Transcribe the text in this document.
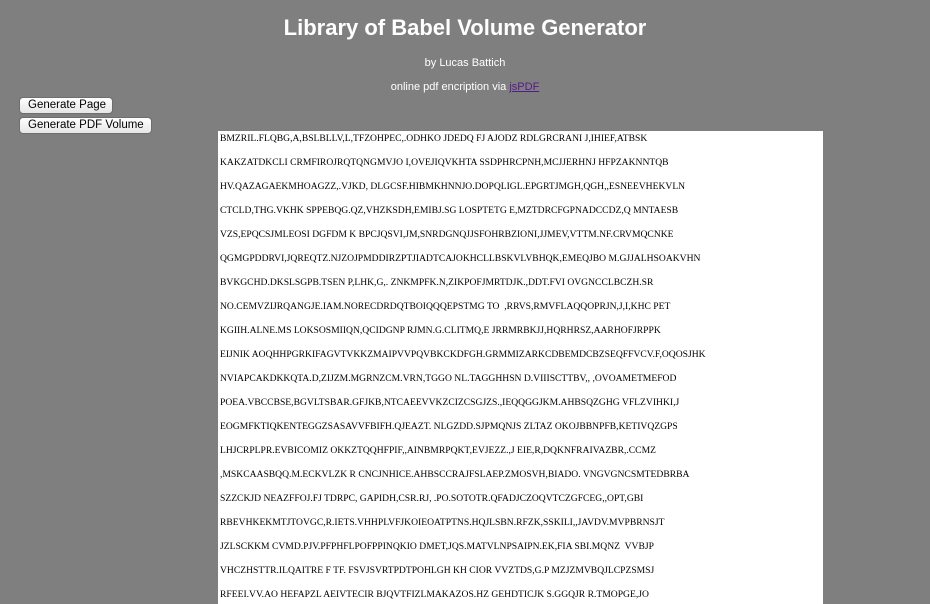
Library of Babel Volume Generator
by Lucas Battich
online pdf encription via jsPDF
Generate Page
Generate PDF Volume
BMZRIL.FLQBG,A,BSLBLLV,L,TFZOHPEC,.ODHKO JDEDQ FJ AJODZ RDLGRCRANI J,IHIEF,ATBSK
KAKZATDKCLI CRMFIROJRQTQNGMVJO I,OVEJIQVKHTA SSDPHRCPNH,MCJJERHNJ HFPZAKNNTQB
HV.QAZAGAEKMHOAGZZ,.VJKD, DLGCSF.HIBMKHNNJO.DOPQLIGL.EPGRTJMGH,QGH,,ESNEEVHEKVLN
CTCLD,THG.VKHK SPPEBQG.QZ,VHZKSDH,EMIBJ.SG LOSPTETG E,MZTDRCFGPNADCCDZ,Q MNTAESB
VZS,EPQCSJMLEOSI DGFDM K BPCJQSVI,JM,SNRDGNQJJSFOHRBZIONI,JJMEV,VTTM.NF.CRVMQCNKE
QGMGPDDRVI,JQREQTZ.NJZOJPMDDIRZPTJIADTCAJOKHCLLBSKVLVBHQK,EMEQJBO M.GJJALHSOAKVHN
BVKGCHD.DKSLSGPB.TSEN P,LHK,G,. ZNKMPFK.N,ZIKPOFJMRTDJK.,DDT.FVI OVGNCCLBCZH.SR
NO.CEMVZIJRQANGJE.IAM.NORECDRDQTBOIQQQEPSTMG TO  ,RRVS,RMVFLAQQOPRJN,J,I,KHC PET
KGIIH.ALNE.MS LOKSOSMIIQN,QCIDGNP RJMN.G.CLITMQ,E JRRMRBKJJ,HQRHRSZ,AARHOFJRPPK
EIJNIK AOQHHPGRKIFAGVTVKKZMAIPVVPQVBKCKDFGH.GRMMIZARKCDBEMDCBZSEQFFVCV.F,OQOSJHK
NVIAPCAKDKKQTA.D,ZIJZM.MGRNZCM.VRN,TGGO NL.TAGGHHSN D.VIIISCTTBV,, ,OVOAMETMEFOD
POEA.VBCCBSE,BGVLTSBAR.GFJKB,NTCAEEVVKZCIZCSGJZS.,IEQQGGJKM.AHBSQZGHG VFLZVIHKI,J
EOGMFKTIQKENTEGGZSASAVVFBIFH.QJEAZT. NLGZDD.SJPMQNJS ZLTAZ OKOJBBNPFB,KETIVQZGPS
LHJCRPLPR.EVBICOMIZ OKKZTQQHFPIF,,AINBMRPQKT,EVJEZZ.,J EIE,R,DQKNFRAIVAZBR,.CCMZ
,MSKCAASBQQ.M.ECKVLZK R CNCJNHICE.AHBSCCRAJFSLAEP.ZMOSVH,BIADO. VNGVGNCSMTEDBRBA
SZZCKJD NEAZFFOJ.FJ TDRPC, GAPIDH,CSR.RJ, .PO.SOTOTR.QFADJCZOQVTCZGFCEG,,OPT,GBI
RBEVHKEKMTJTOVGC,R.IETS.VHHPLVFJKOIEOATPTNS.HQJLSBN.RFZK,SSKILI,,JAVDV.MVPBRNSJT
JZLSCKKM CVMD.PJV.PFPHFLPOFPPINQKIO DMET,JQS.MATVLNPSAIPN.EK,FIA SBI.MQNZ  VVBJP
VHCZHSTTR.ILQAITRE F TF. FSVJSVRTPDTPOHLGH KH CIOR VVZTDS,G.P MZJZMVBQJLCPZSMSJ
RFEEI.VV.AO HEFAPZL AEIVTECIR BJQVTFIZLMAKAZOS.HZ GEHDTICJK S.GGQJR R.TMOPGE,JO
